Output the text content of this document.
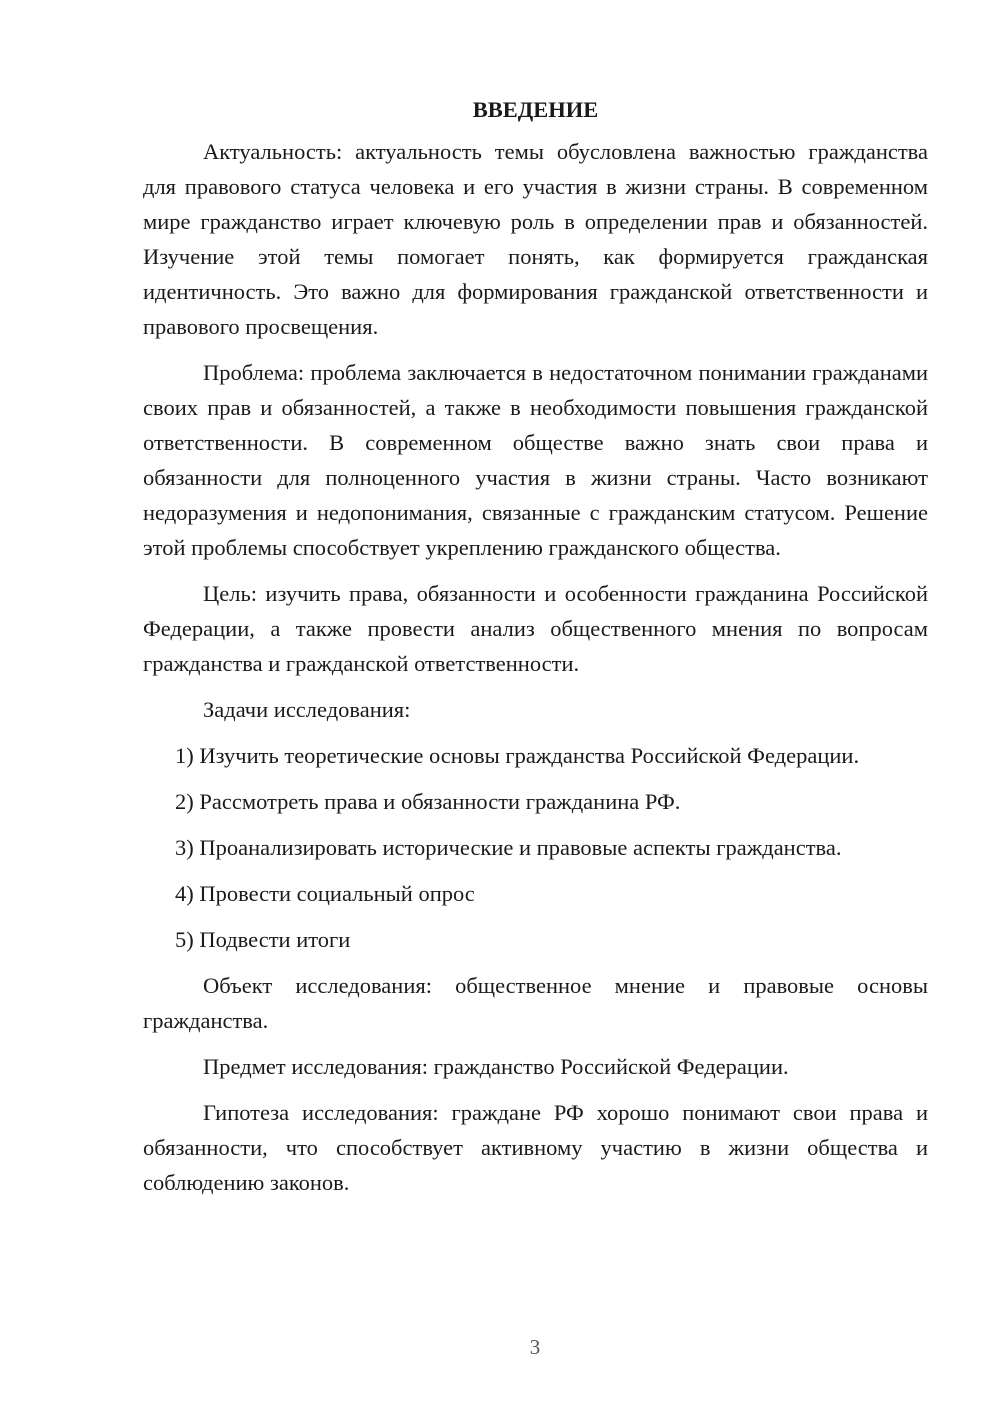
ВВЕДЕНИЕ

Актуальность: актуальность темы обусловлена важностью гражданства для правового статуса человека и его участия в жизни страны. В современном мире гражданство играет ключевую роль в определении прав и обязанностей. Изучение этой темы помогает понять, как формируется гражданская идентичность. Это важно для формирования гражданской ответственности и правового просвещения.

Проблема: проблема заключается в недостаточном понимании гражданами своих прав и обязанностей, а также в необходимости повышения гражданской ответственности. В современном обществе важно знать свои права и обязанности для полноценного участия в жизни страны. Часто возникают недоразумения и недопонимания, связанные с гражданским статусом. Решение этой проблемы способствует укреплению гражданского общества.

Цель: изучить права, обязанности и особенности гражданина Российской Федерации, а также провести анализ общественного мнения по вопросам гражданства и гражданской ответственности.

Задачи исследования:

1) Изучить теоретические основы гражданства Российской Федерации.

2) Рассмотреть права и обязанности гражданина РФ.

3) Проанализировать исторические и правовые аспекты гражданства.

4) Провести социальный опрос

5) Подвести итоги

Объект исследования: общественное мнение и правовые основы гражданства.

Предмет исследования: гражданство Российской Федерации.

Гипотеза исследования: граждане РФ хорошо понимают свои права и обязанности, что способствует активному участию в жизни общества и соблюдению законов.

3
